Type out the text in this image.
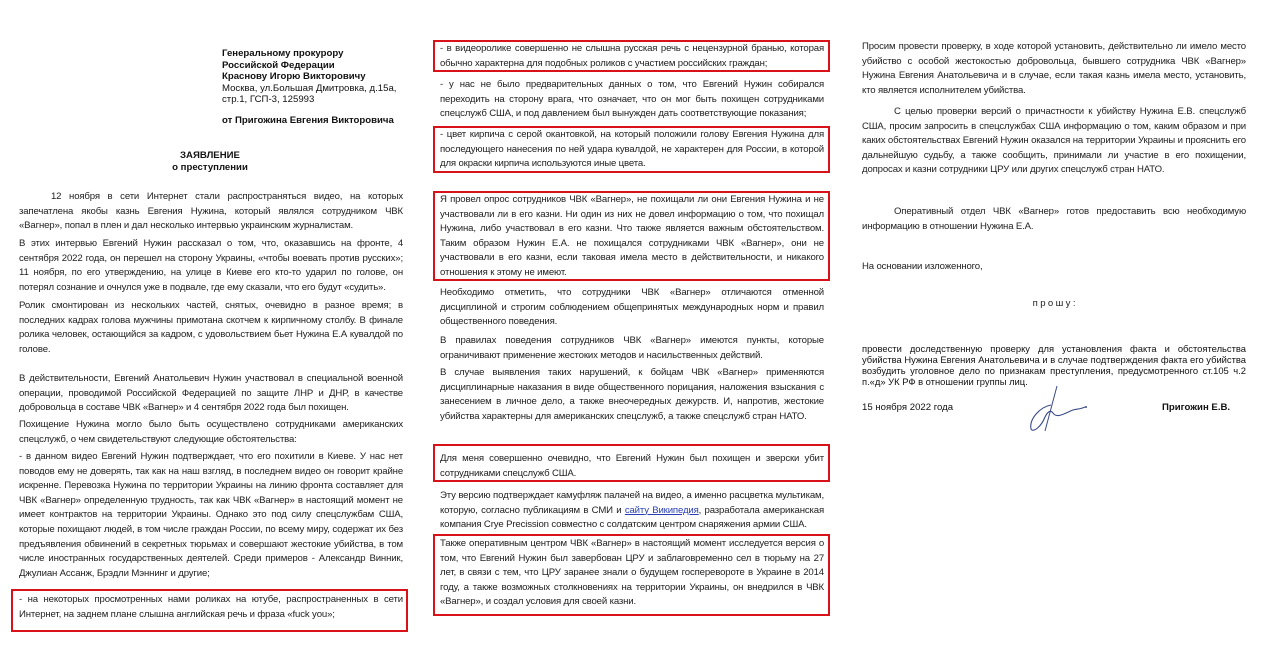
Генеральному прокурору
Российской Федерации
Краснову Игорю Викторовичу
Москва, ул.Большая Дмитровка, д.15а,
стр.1, ГСП-3, 125993
от Пригожина Евгения Викторовича
ЗАЯВЛЕНИЕ
о преступлении

12 ноября в сети Интернет стали распространяться видео, на которых запечатлена якобы казнь Евгения Нужина, который являлся сотрудником ЧВК «Вагнер», попал в плен и дал несколько интервью украинским журналистам.

В этих интервью Евгений Нужин рассказал о том, что, оказавшись на фронте, 4 сентября 2022 года, он перешел на сторону Украины, «чтобы воевать против русских»; 11 ноября, по его утверждению, на улице в Киеве его кто-то ударил по голове, он потерял сознание и очнулся уже в подвале, где ему сказали, что его будут «судить».

Ролик смонтирован из нескольких частей, снятых, очевидно в разное время; в последних кадрах голова мужчины примотана скотчем к кирпичному столбу. В финале ролика человек, остающийся за кадром, с удовольствием бьет Нужина Е.А кувалдой по голове.

В действительности, Евгений Анатольевич Нужин участвовал в специальной военной операции, проводимой Российской Федерацией по защите ЛНР и ДНР, в качестве добровольца в составе ЧВК «Вагнер» и 4 сентября 2022 года был похищен.

Похищение Нужина могло было быть осуществлено сотрудниками американских спецслужб, о чем свидетельствуют следующие обстоятельства:

- в данном видео Евгений Нужин подтверждает, что его похитили в Киеве. У нас нет поводов ему не доверять, так как на наш взгляд, в последнем видео он говорит крайне искренне. Перевозка Нужина по территории Украины на линию фронта составляет для ЧВК «Вагнер» определенную трудность, так как ЧВК «Вагнер» в настоящий момент не имеет контрактов на территории Украины. Однако это под силу спецслужбам США, которые похищают людей, в том числе граждан России, по всему миру, содержат их без предъявления обвинений в секретных тюрьмах и совершают жестокие убийства, в том числе иностранных государственных деятелей. Среди примеров - Александр Винник, Джулиан Ассанж, Брэдли Мэннинг и другие;

- на некоторых просмотренных нами роликах на ютубе, распространенных в сети Интернет, на заднем плане слышна английская речь и фраза «fuck you»;

- в видеоролике совершенно не слышна русская речь с нецензурной бранью, которая обычно характерна для подобных роликов с участием российских граждан;

- у нас не было предварительных данных о том, что Евгений Нужин собирался переходить на сторону врага, что означает, что он мог быть похищен сотрудниками спецслужб США, и под давлением был вынужден дать соответствующие показания;

- цвет кирпича с серой окантовкой, на который положили голову Евгения Нужина для последующего нанесения по ней удара кувалдой, не характерен для России, в которой для окраски кирпича используются иные цвета.

Я провел опрос сотрудников ЧВК «Вагнер», не похищали ли они Евгения Нужина и не участвовали ли в его казни. Ни один из них не довел информацию о том, что похищал Нужина, либо участвовал в его казни. Что также является важным обстоятельством. Таким образом Нужин Е.А. не похищался сотрудниками ЧВК «Вагнер», они не участвовали в его казни, если таковая имела место в действительности, и никакого отношения к этому не имеют.

Необходимо отметить, что сотрудники ЧВК «Вагнер» отличаются отменной дисциплиной и строгим соблюдением общепринятых международных норм и правил общественного поведения.

В правилах поведения сотрудников ЧВК «Вагнер» имеются пункты, которые ограничивают применение жестоких методов и насильственных действий.

В случае выявления таких нарушений, к бойцам ЧВК «Вагнер» применяются дисциплинарные наказания в виде общественного порицания, наложения взыскания с занесением в личное дело, а также внеочередных дежурств. И, напротив, жестокие убийства характерны для американских спецслужб, а также спецслужб стран НАТО.

Для меня совершенно очевидно, что Евгений Нужин был похищен и зверски убит сотрудниками спецслужб США.

Эту версию подтверждает камуфляж палачей на видео, а именно расцветка мультикам, которую, согласно публикациям в СМИ и сайту Википедия, разработала американская компания Crye Precission совместно с солдатским центром снаряжения армии США.

Также оперативным центром ЧВК «Вагнер» в настоящий момент исследуется версия о том, что Евгений Нужин был завербован ЦРУ и заблаговременно сел в тюрьму на 27 лет, в связи с тем, что ЦРУ заранее знали о будущем госперевороте в Украине в 2014 году, а также возможных столкновениях на территории Украины, он внедрился в ЧВК «Вагнер», и создал условия для своей казни.

Просим провести проверку, в ходе которой установить, действительно ли имело место убийство с особой жестокостью добровольца, бывшего сотрудника ЧВК «Вагнер» Нужина Евгения Анатольевича и в случае, если такая казнь имела место, установить, кто является исполнителем убийства.

С целью проверки версий о причастности к убийству Нужина Е.В. спецслужб США, просим запросить в спецслужбах США информацию о том, каким образом и при каких обстоятельствах Евгений Нужин оказался на территории Украины и прояснить его дальнейшую судьбу, а также сообщить, принимали ли участие в его похищении, допросах и казни сотрудники ЦРУ или других спецслужб стран НАТО.

Оперативный отдел ЧВК «Вагнер» готов предоставить всю необходимую информацию в отношении Нужина Е.А.

На основании изложенного,

п р о ш у :

провести доследственную проверку для установления факта и обстоятельства убийства Нужина Евгения Анатольевича и в случае подтверждения факта его убийства возбудить уголовное дело по признакам преступления, предусмотренного ст.105 ч.2 п.«д» УК РФ в отношении группы лиц.

15 ноября 2022 года	Пригожин Е.В.
